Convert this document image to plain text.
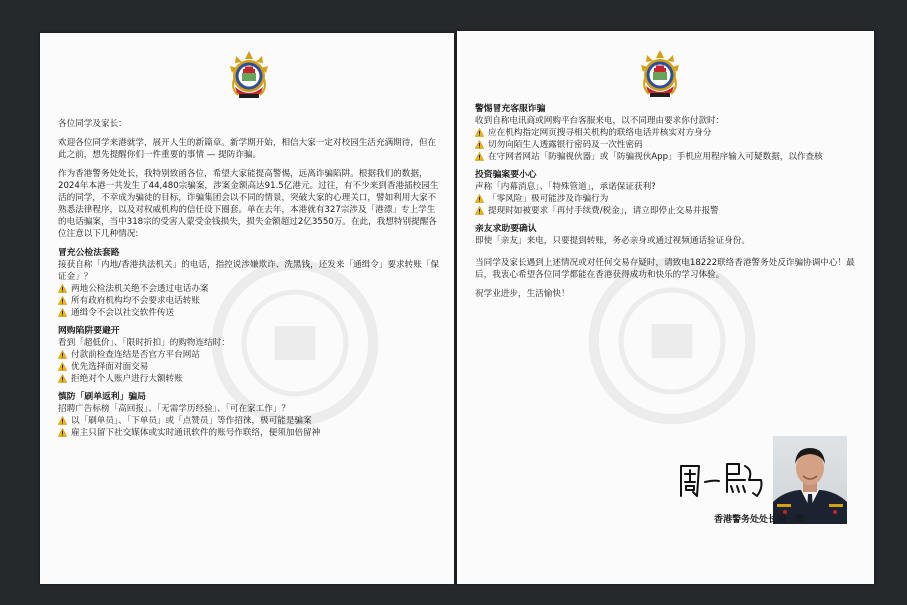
各位同学及家长：

欢迎各位同学来港就学，展开人生的新篇章。新学期开始，相信大家一定对校园生活充满期待，但在此之前，想先提醒你们一件重要的事情 — 提防诈骗。

作为香港警务处处长，我特别致函各位，希望大家能提高警惕，远离诈骗陷阱。根据我们的数据，2024年本港一共发生了44,480宗骗案，涉案金额高达91.5亿港元。过往，有不少来到香港插校园生活的同学，不幸成为骗徒的目标，诈骗集团会以不同的情景，突破大家的心理关口，譬如利用大家不熟悉法律程序，以及对权威机构的信任设下圈套。单在去年，本港就有327宗涉及「港漂」专上学生的电话骗案，当中318宗的受害人蒙受金钱损失，损失金额超过2亿3550万。在此，我想特别提醒各位注意以下几种情况:

冒充公检法套路
接获自称「内地/香港执法机关」的电话，指控说涉嫌欺诈、洗黑钱，还发来「通缉令」要求转账「保证金」？
两地公检法机关绝不会透过电话办案
所有政府机构均不会要求电话转账
通缉令不会以社交软件传送
网购陷阱要避开
看到「超低价」、「限时折扣」的购物连结时：
付款前检查连结是否官方平台网站
优先选择面对面交易
拒绝对个人账户进行大额转账
慎防「刷单返利」骗局
招聘广告标榜「高回报」、「无需学历经验」、「可在家工作」？
以「刷单员」、「下单员」或「点赞员」等作招徕，极可能是骗案
雇主只留下社交媒体或实时通讯软件的账号作联络，便须加倍留神
警惕冒充客服诈骗
收到自称电讯商或网购平台客服来电，以不同理由要求你付款时：
应在机构指定网页搜寻相关机构的联络电话并核实对方身分
切勿向陌生人透露银行密码及一次性密码
在守网者网站「防骗视伙器」或「防骗视伙App」手机应用程序输入可疑数据，以作查核
投资骗案要小心
声称「内幕消息」、「特殊管道」，承诺保证获利?
「零风险」极可能涉及诈骗行为
提现时如被要求「再付手续费/税金」，请立即停止交易并报警
亲友求助要确认
即使「亲友」来电，只要提到转账，务必亲身或通过视频通话验证身份。

当同学及家长遇到上述情况或对任何交易存疑时，请致电18222联络香港警务处反诈骗协调中心！最后，我衷心希望各位同学都能在香港获得成功和快乐的学习体验。

祝学业进步，生活愉快！

香港警务处处长周一鸣
